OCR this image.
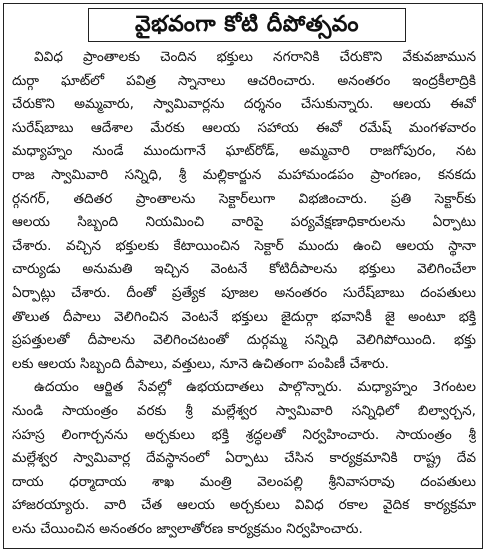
వైభవంగా కోటి దీపోత్సవం
వివిధ ప్రాంతాలకు చెందిన భక్తులు నగరానికి చేరుకొని వేకువజామున
దుర్గా ఘాట్‌లో పవిత్ర స్నానాలు ఆచరించారు. అనంతరం ఇంద్రకీలాద్రికి
చేరుకొని అమ్మవారు, స్వామివార్లను దర్శనం చేసుకున్నారు. ఆలయ ఈవో
సురేష్‌బాబు ఆదేశాల మేరకు ఆలయ సహాయ ఈవో రమేష్ మంగళవారం
మధ్యాహ్నం నుండే ముందుగానే ఘాట్‌రోడ్, అమ్మవారి రాజగోపురం, నట
రాజ స్వామివారి సన్నిధి, శ్రీ మల్లికార్జున మహామండపం ప్రాంగణం, కనకదు
ర్గనగర్, తదితర ప్రాంతాలను సెక్టార్‌లుగా విభజించారు. ప్రతి సెక్టార్‌కు
ఆలయ సిబ్బంది నియమించి వారిపై పర్యవేక్షణాధికారులను ఏర్పాటు
చేశారు. వచ్చిన భక్తులకు కేటాయించిన సెక్టార్ ముందు ఉంచి ఆలయ స్థానా
చార్యుడు అనుమతి ఇచ్చిన వెంటనే కోటిదీపాలను భక్తులు వెలిగించేలా
ఏర్పాట్లు చేశారు. దీంతో ప్రత్యేక పూజల అనంతరం సురేష్‌బాబు దంపతులు
తొలుత దీపాలు వెలిగించిన వెంటనే భక్తులు జైదుర్గా భవానికీ జై అంటూ భక్తి
ప్రపత్తులతో దీపాలను వెలిగించటంతో దుర్గమ్మ సన్నిధి వెలిగిపోయింది. భక్తు
లకు ఆలయ సిబ్బంది దీపాలు, వత్తులు, నూనె ఉచితంగా పంపిణీ చేశారు.
ఉదయం ఆర్జిత సేవల్లో ఉభయదాతలు పాల్గొన్నారు. మధ్యాహ్నం 3గంటల
నుండి సాయంత్రం వరకు శ్రీ మల్లేశ్వర స్వామివారి సన్నిధిలో బిల్వార్చన,
సహస్ర లింగార్చనను అర్చకులు భక్తి శ్రద్ధలతో నిర్వహించారు. సాయంత్రం శ్రీ
మల్లేశ్వర స్వామివార్ల దేవస్థానంలో ఏర్పాటు చేసిన కార్యక్రమానికి రాష్ట్ర దేవ
దాయ ధర్మాదాయ శాఖ మంత్రి వెలంపల్లి శ్రీనివాసరావు దంపతులు
హాజరయ్యారు. వారి చేత ఆలయ అర్చకులు వివిధ రకాల వైదిక కార్యక్రమా
లను చేయించిన అనంతరం జ్వాలాతోరణ కార్యక్రమం నిర్వహించారు.
